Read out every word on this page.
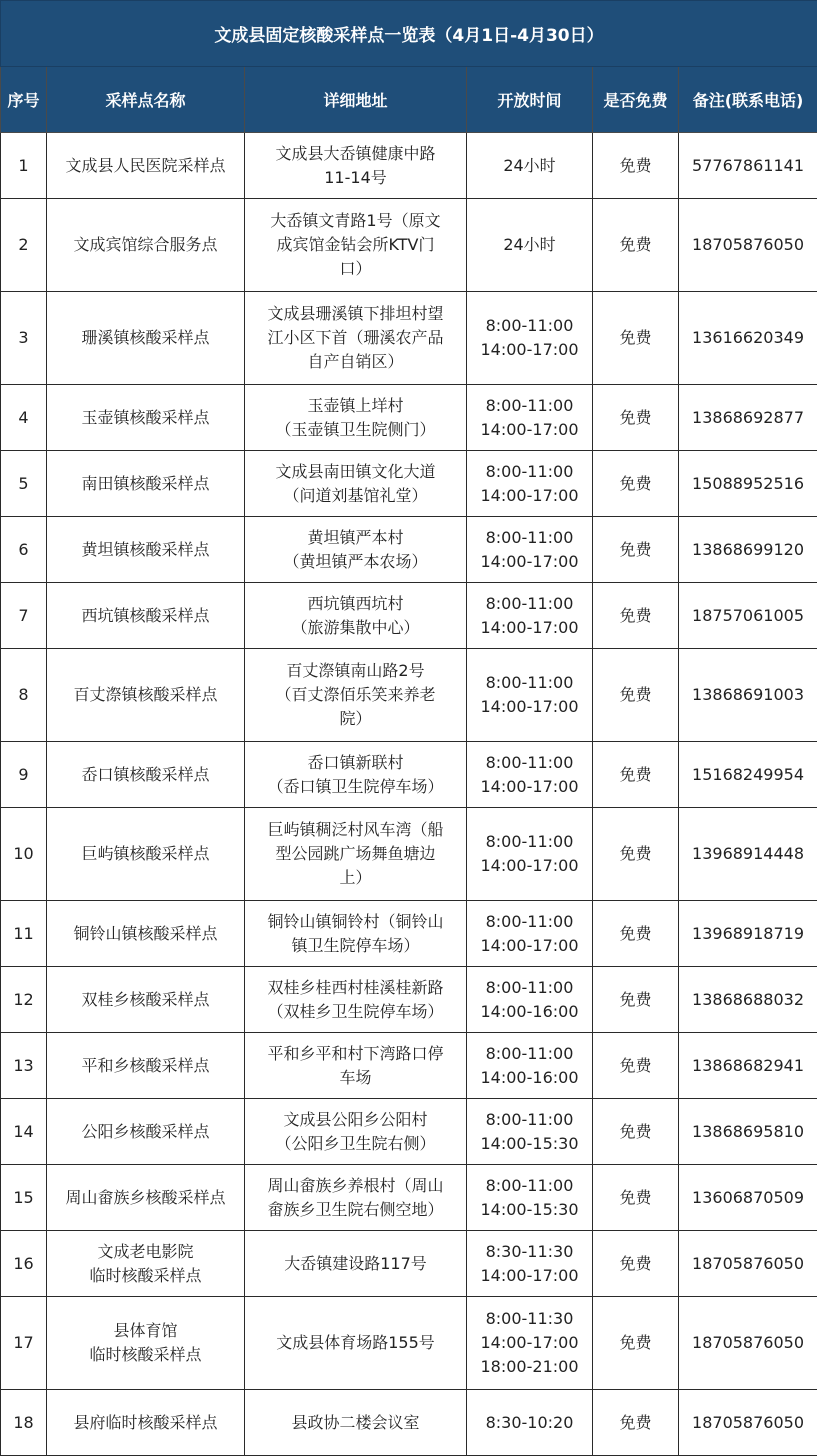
文成县固定核酸采样点一览表（4月1日-4月30日）					
序号	采样点名称	详细地址	开放时间	是否免费	备注(联系电话)
1	文成县人民医院采样点	文成县大岙镇健康中路
11-14号	24小时	免费	57767861141
2	文成宾馆综合服务点	大岙镇文青路1号（原文
成宾馆金钻会所KTV门
口）	24小时	免费	18705876050
3	珊溪镇核酸采样点	文成县珊溪镇下排坦村望
江小区下首（珊溪农产品
自产自销区）	8:00-11:00
14:00-17:00	免费	13616620349
4	玉壶镇核酸采样点	玉壶镇上垟村
（玉壶镇卫生院侧门）	8:00-11:00
14:00-17:00	免费	13868692877
5	南田镇核酸采样点	文成县南田镇文化大道
（问道刘基馆礼堂）	8:00-11:00
14:00-17:00	免费	15088952516
6	黄坦镇核酸采样点	黄坦镇严本村
（黄坦镇严本农场）	8:00-11:00
14:00-17:00	免费	13868699120
7	西坑镇核酸采样点	西坑镇西坑村
（旅游集散中心）	8:00-11:00
14:00-17:00	免费	18757061005
8	百丈漈镇核酸采样点	百丈漈镇南山路2号
（百丈漈佰乐笑来养老
院）	8:00-11:00
14:00-17:00	免费	13868691003
9	岙口镇核酸采样点	岙口镇新联村
（岙口镇卫生院停车场）	8:00-11:00
14:00-17:00	免费	15168249954
10	巨屿镇核酸采样点	巨屿镇稠泛村风车湾（船
型公园跳广场舞鱼塘边
上）	8:00-11:00
14:00-17:00	免费	13968914448
11	铜铃山镇核酸采样点	铜铃山镇铜铃村（铜铃山
镇卫生院停车场）	8:00-11:00
14:00-17:00	免费	13968918719
12	双桂乡核酸采样点	双桂乡桂西村桂溪桂新路
（双桂乡卫生院停车场）	8:00-11:00
14:00-16:00	免费	13868688032
13	平和乡核酸采样点	平和乡平和村下湾路口停
车场	8:00-11:00
14:00-16:00	免费	13868682941
14	公阳乡核酸采样点	文成县公阳乡公阳村
（公阳乡卫生院右侧）	8:00-11:00
14:00-15:30	免费	13868695810
15	周山畲族乡核酸采样点	周山畲族乡养根村（周山
畲族乡卫生院右侧空地）	8:00-11:00
14:00-15:30	免费	13606870509
16	文成老电影院
临时核酸采样点	大岙镇建设路117号	8:30-11:30
14:00-17:00	免费	18705876050
17	县体育馆
临时核酸采样点	文成县体育场路155号	8:00-11:30
14:00-17:00
18:00-21:00	免费	18705876050
18	县府临时核酸采样点	县政协二楼会议室	8:30-10:20	免费	18705876050
